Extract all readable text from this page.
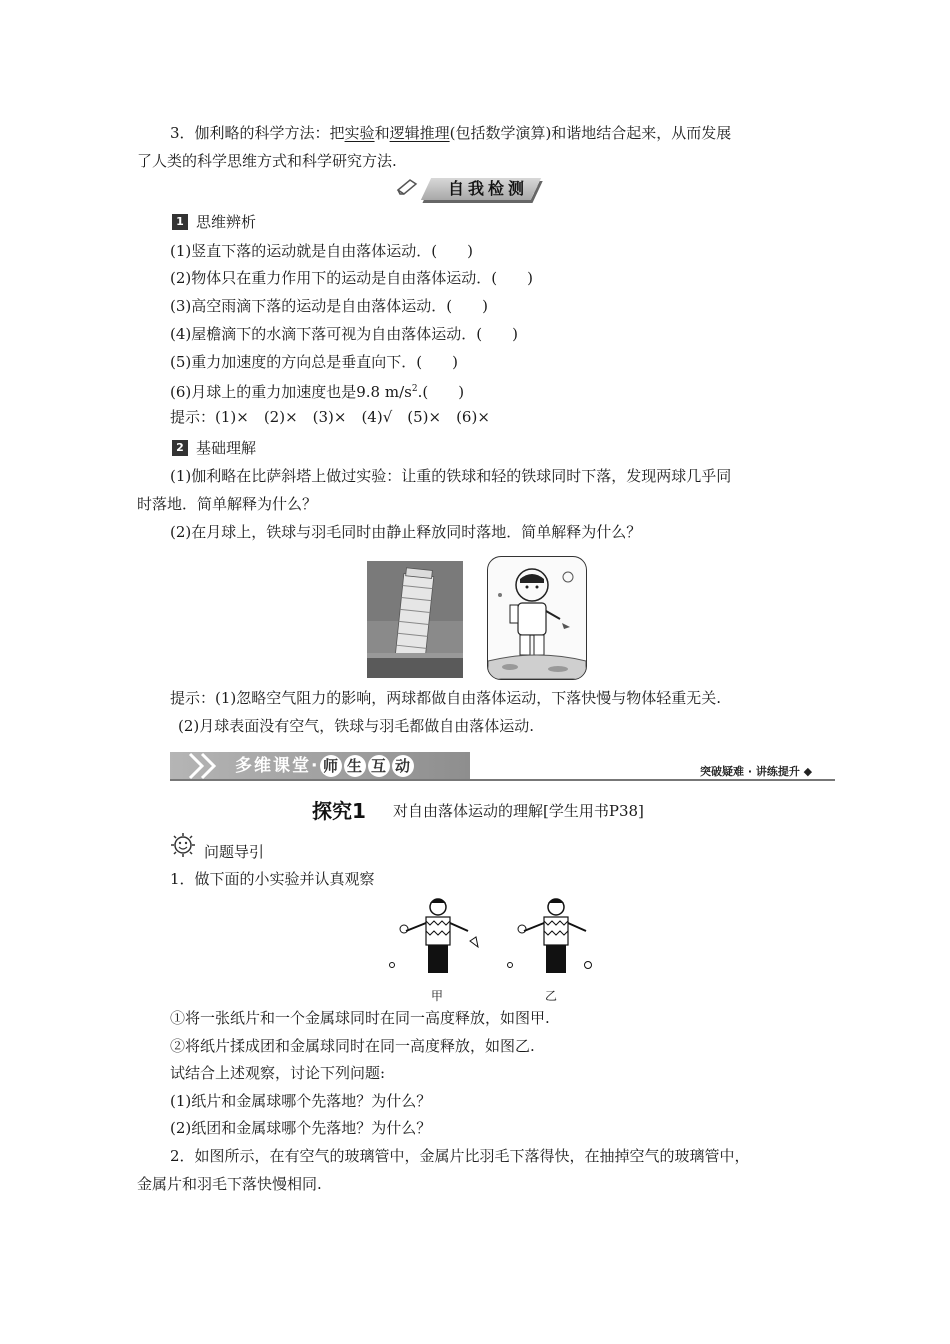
3．伽利略的科学方法：把实验和逻辑推理(包括数学演算)和谐地结合起来，从而发展
了人类的科学思维方式和科学研究方法.
自我检测
1 思维辨析
(1)竖直下落的运动就是自由落体运动．(　　)
(2)物体只在重力作用下的运动是自由落体运动．(　　)
(3)高空雨滴下落的运动是自由落体运动．(　　)
(4)屋檐滴下的水滴下落可视为自由落体运动．(　　)
(5)重力加速度的方向总是垂直向下．(　　)
(6)月球上的重力加速度也是9.8 $m/s^2$.(　　)
提示：(1)×　(2)×　(3)×　(4)√　(5)×　(6)×
2 基础理解
(1)伽利略在比萨斜塔上做过实验：让重的铁球和轻的铁球同时下落，发现两球几乎同
时落地．简单解释为什么？
(2)在月球上，铁球与羽毛同时由静止释放同时落地．简单解释为什么？
提示：(1)忽略空气阻力的影响，两球都做自由落体运动，下落快慢与物体轻重无关.
(2)月球表面没有空气，铁球与羽毛都做自由落体运动.
多维课堂· 师 生 互 动	突破疑难 · 讲练提升 ◆
探究1 对自由落体运动的理解[学生用书P38]
问题导引
1．做下面的小实验并认真观察
甲	乙
①将一张纸片和一个金属球同时在同一高度释放，如图甲.
②将纸片揉成团和金属球同时在同一高度释放，如图乙.
试结合上述观察，讨论下列问题:
(1)纸片和金属球哪个先落地？为什么？
(2)纸团和金属球哪个先落地？为什么？
2．如图所示，在有空气的玻璃管中，金属片比羽毛下落得快，在抽掉空气的玻璃管中，
金属片和羽毛下落快慢相同.
